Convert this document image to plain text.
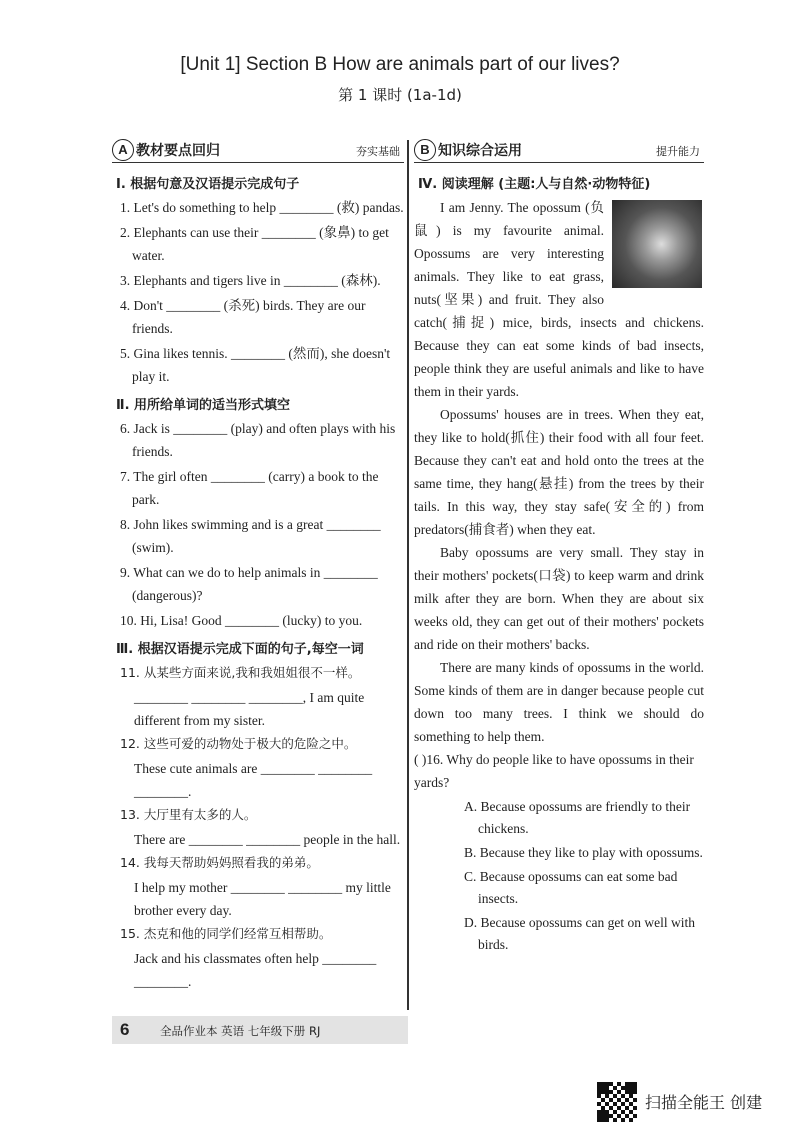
[Unit 1] Section B How are animals part of our lives?
第 1 课时 (1a-1d)
A 教材要点回归	夯实基础
Ⅰ. 根据句意及汉语提示完成句子

1. Let's do something to help ________ (救) pandas.

2. Elephants can use their ________ (象鼻) to get water.

3. Elephants and tigers live in ________ (森林).

4. Don't ________ (杀死) birds. They are our friends.

5. Gina likes tennis. ________ (然而), she doesn't play it.

Ⅱ. 用所给单词的适当形式填空

6. Jack is ________ (play) and often plays with his friends.

7. The girl often ________ (carry) a book to the park.

8. John likes swimming and is a great ________ (swim).

9. What can we do to help animals in ________ (dangerous)?

10. Hi, Lisa! Good ________ (lucky) to you.

Ⅲ. 根据汉语提示完成下面的句子,每空一词

11. 从某些方面来说,我和我姐姐很不一样。

________ ________ ________, I am quite different from my sister.

12. 这些可爱的动物处于极大的危险之中。

These cute animals are ________ ________ ________.

13. 大厅里有太多的人。

There are ________ ________ people in the hall.

14. 我每天帮助妈妈照看我的弟弟。

I help my mother ________ ________ my little brother every day.

15. 杰克和他的同学们经常互相帮助。

Jack and his classmates often help ________ ________.

B 知识综合运用	提升能力
Ⅳ. 阅读理解 (主题:人与自然·动物特征)

I am Jenny. The opossum (负鼠) is my favourite animal. Opossums are very interesting animals. They like to eat grass, nuts(坚果) and fruit. They also catch(捕捉) mice, birds, insects and chickens. Because they can eat some kinds of bad insects, people think they are useful animals and like to have them in their yards.

Opossums' houses are in trees. When they eat, they like to hold(抓住) their food with all four feet. Because they can't eat and hold onto the trees at the same time, they hang(悬挂) from the trees by their tails. In this way, they stay safe(安全的) from predators(捕食者) when they eat.

Baby opossums are very small. They stay in their mothers' pockets(口袋) to keep warm and drink milk after they are born. When they are about six weeks old, they can get out of their mothers' pockets and ride on their mothers' backs.

There are many kinds of opossums in the world. Some kinds of them are in danger because people cut down too many trees. I think we should do something to help them.

( )16. Why do people like to have opossums in their yards?

A. Because opossums are friendly to their chickens.

B. Because they like to play with opossums.

C. Because opossums can eat some bad insects.

D. Because opossums can get on well with birds.

6	全品作业本 英语 七年级下册 RJ
扫描全能王 创建
